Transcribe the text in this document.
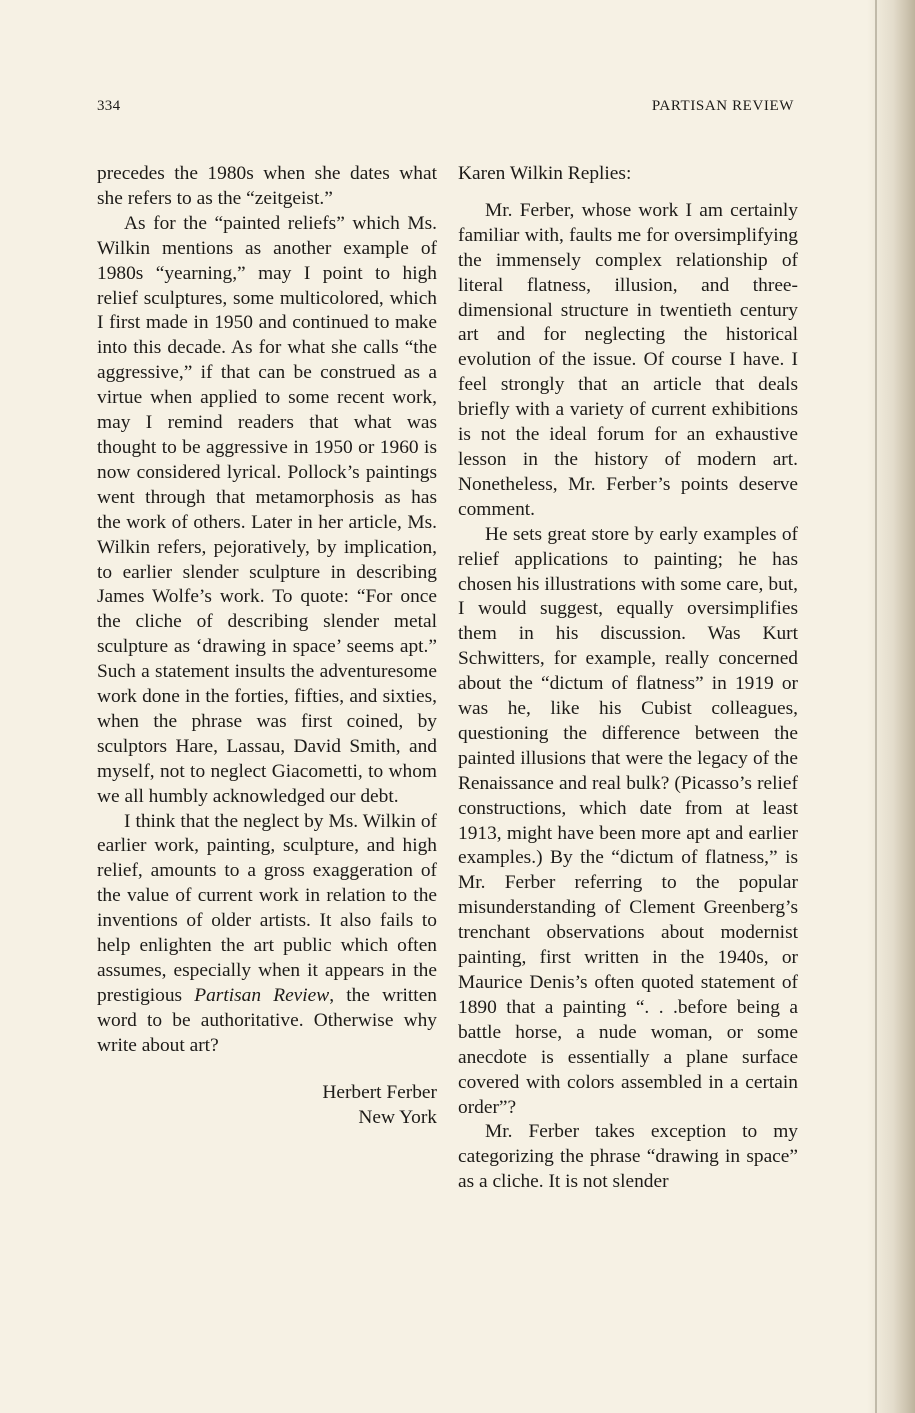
334	PARTISAN REVIEW

precedes the 1980s when she dates what she refers to as the “zeitgeist.”

As for the “painted reliefs” which Ms. Wilkin mentions as another example of 1980s “yearning,” may I point to high relief sculptures, some multicolored, which I first made in 1950 and continued to make into this decade. As for what she calls “the aggressive,” if that can be construed as a virtue when applied to some recent work, may I remind readers that what was thought to be aggressive in 1950 or 1960 is now considered lyrical. Pollock’s paintings went through that metamorphosis as has the work of others. Later in her article, Ms. Wilkin refers, pejoratively, by implication, to earlier slender sculpture in describing James Wolfe’s work. To quote: “For once the cliche of describing slender metal sculpture as ‘drawing in space’ seems apt.” Such a statement insults the adventuresome work done in the forties, fifties, and sixties, when the phrase was first coined, by sculptors Hare, Lassau, David Smith, and myself, not to neglect Giacometti, to whom we all humbly acknowledged our debt.

I think that the neglect by Ms. Wilkin of earlier work, painting, sculpture, and high relief, amounts to a gross exaggeration of the value of current work in relation to the inventions of older artists. It also fails to help enlighten the art public which often assumes, especially when it appears in the prestigious Partisan Review, the written word to be authoritative. Otherwise why write about art?

Herbert Ferber
New York

Karen Wilkin Replies:

Mr. Ferber, whose work I am certainly familiar with, faults me for oversimplifying the immensely complex relationship of literal flatness, illusion, and three-dimensional structure in twentieth century art and for neglecting the historical evolution of the issue. Of course I have. I feel strongly that an article that deals briefly with a variety of current exhibitions is not the ideal forum for an exhaustive lesson in the history of modern art. Nonetheless, Mr. Ferber’s points deserve comment.

He sets great store by early examples of relief applications to painting; he has chosen his illustrations with some care, but, I would suggest, equally oversimplifies them in his discussion. Was Kurt Schwitters, for example, really concerned about the “dictum of flatness” in 1919 or was he, like his Cubist colleagues, questioning the difference between the painted illusions that were the legacy of the Renaissance and real bulk? (Picasso’s relief constructions, which date from at least 1913, might have been more apt and earlier examples.) By the “dictum of flatness,” is Mr. Ferber referring to the popular misunderstanding of Clement Greenberg’s trenchant observations about modernist painting, first written in the 1940s, or Maurice Denis’s often quoted statement of 1890 that a painting “. . .before being a battle horse, a nude woman, or some anecdote is essentially a plane surface covered with colors assembled in a certain order”?

Mr. Ferber takes exception to my categorizing the phrase “drawing in space” as a cliche. It is not slender
